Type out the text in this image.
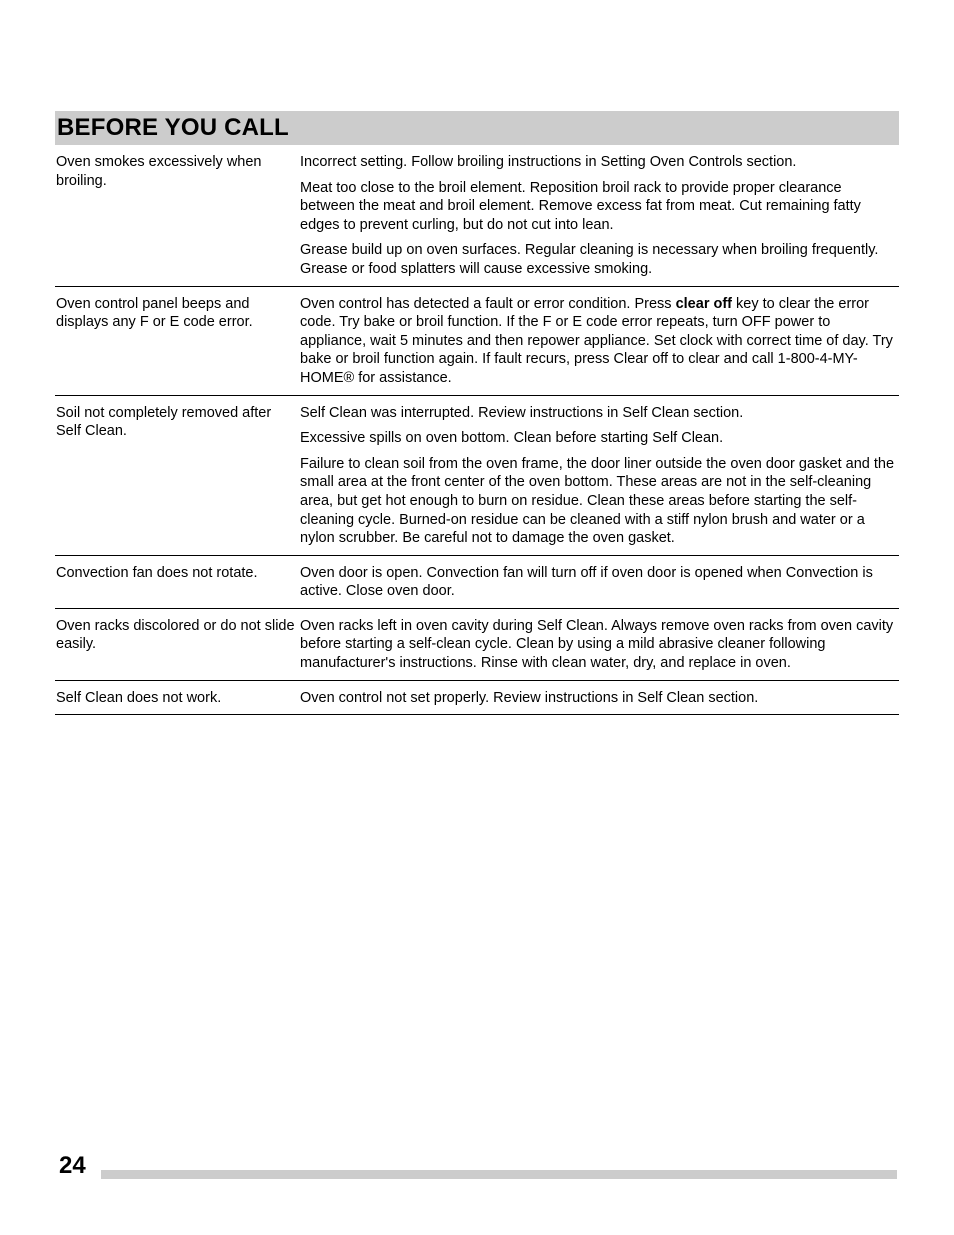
BEFORE YOU CALL
Oven smokes excessively when broiling.

Incorrect setting. Follow broiling instructions in Setting Oven Controls section.

Meat too close to the broil element. Reposition broil rack to provide proper clearance between the meat and broil element. Remove excess fat from meat. Cut remaining fatty edges to prevent curling, but do not cut into lean.

Grease build up on oven surfaces. Regular cleaning is necessary when broiling frequently. Grease or food splatters will cause excessive smoking.

Oven control panel beeps and displays any F or E code error.

Oven control has detected a fault or error condition. Press clear off key to clear the error code. Try bake or broil function. If the F or E code error repeats, turn OFF power to appliance, wait 5 minutes and then repower appliance. Set clock with correct time of day. Try bake or broil function again. If fault recurs, press Clear off to clear and call 1-800-4-MY-HOME® for assistance.

Soil not completely removed after Self Clean.

Self Clean was interrupted. Review instructions in Self Clean section.

Excessive spills on oven bottom. Clean before starting Self Clean.

Failure to clean soil from the oven frame, the door liner outside the oven door gasket and the small area at the front center of the oven bottom. These areas are not in the self-cleaning area, but get hot enough to burn on residue. Clean these areas before starting the self-cleaning cycle. Burned-on residue can be cleaned with a stiff nylon brush and water or a nylon scrubber. Be careful not to damage the oven gasket.

Convection fan does not rotate.	Oven door is open. Convection fan will turn off if oven door is opened when Convection is active. Close oven door.

Oven racks discolored or do not slide easily.

Oven racks left in oven cavity during Self Clean. Always remove oven racks from oven cavity before starting a self-clean cycle. Clean by using a mild abrasive cleaner following manufacturer's instructions. Rinse with clean water, dry, and replace in oven.

Self Clean does not work.	Oven control not set properly. Review instructions in Self Clean section.

24
